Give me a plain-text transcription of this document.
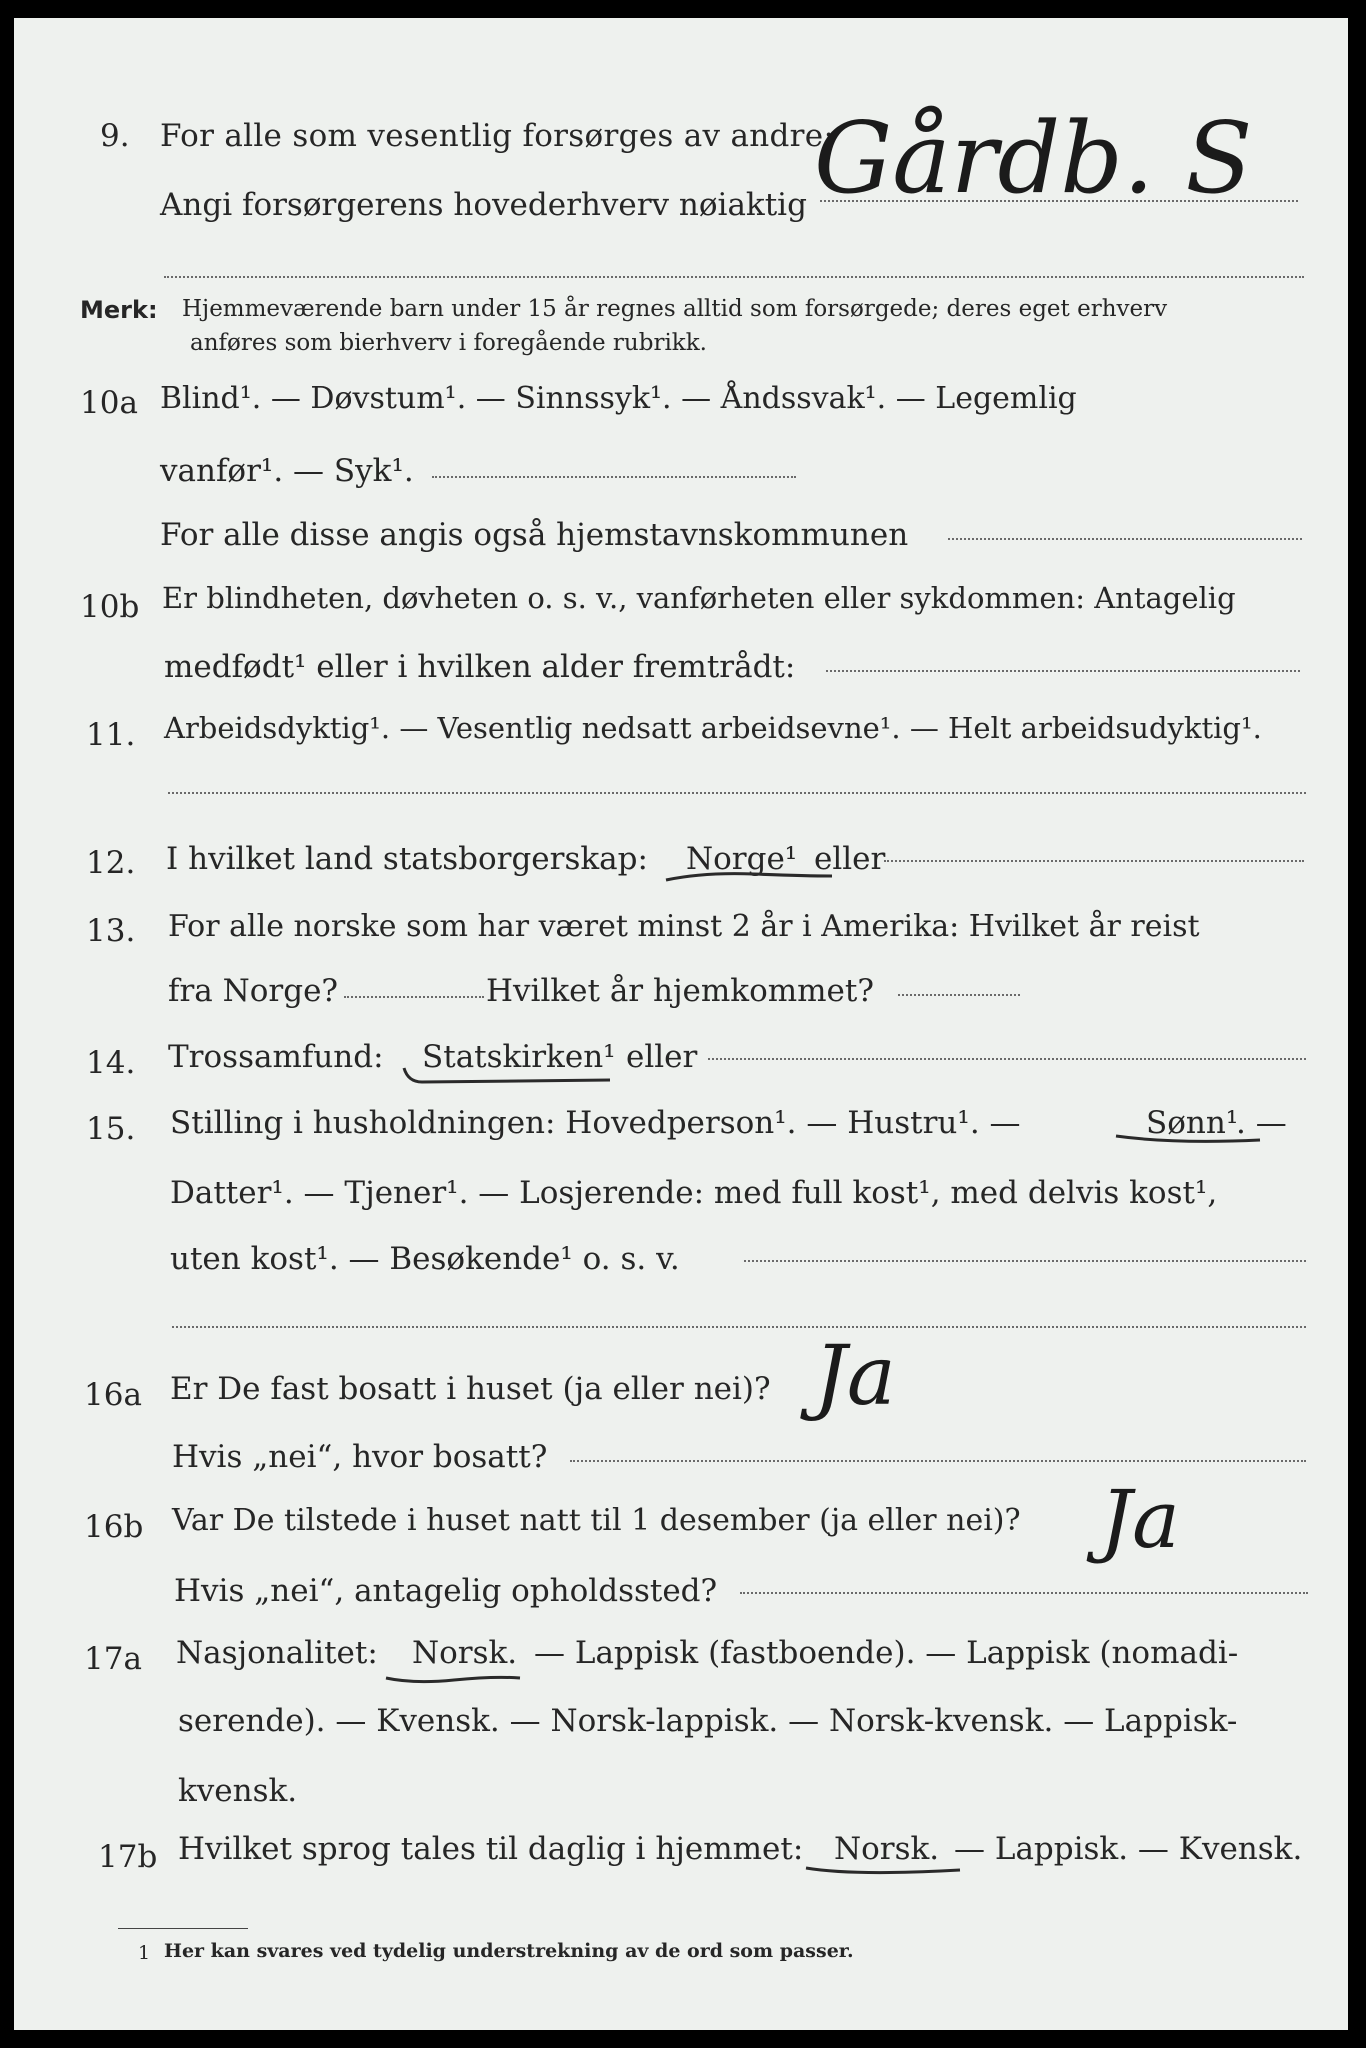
9. For alle som vesentlig forsørges av andre:
Angi forsørgerens hovederhverv nøiaktig Gårdb. S
Merk: Hjemmeværende barn under 15 år regnes alltid som forsørgede; deres eget erhverv
anføres som bierhverv i foregående rubrikk.
10a Blind¹. — Døvstum¹. — Sinnssyk¹. — Åndssvak¹. — Legemlig
vanfør¹. — Syk¹.
For alle disse angis også hjemstavnskommunen
10b Er blindheten, døvheten o. s. v., vanførheten eller sykdommen: Antagelig
medfødt¹ eller i hvilken alder fremtrådt:
11. Arbeidsdyktig¹. — Vesentlig nedsatt arbeidsevne¹. — Helt arbeidsudyktig¹.
12. I hvilket land statsborgerskap: Norge¹ eller
13. For alle norske som har været minst 2 år i Amerika: Hvilket år reist
fra Norge?	Hvilket år hjemkommet?
14. Trossamfund: Statskirken¹ eller
15. Stilling i husholdningen: Hovedperson¹. — Hustru¹. —	Sønn¹
. —
Datter¹. — Tjener¹. — Losjerende: med full kost¹, med delvis kost¹,
uten kost¹. — Besøkende¹ o. s. v.
16a Er De fast bosatt i huset (ja eller nei)? Ja
Hvis „nei“, hvor bosatt?
16b Var De tilstede i huset natt til 1 desember (ja eller nei)? Ja
Hvis „nei“, antagelig opholdssted?
17a Nasjonalitet: Norsk. — Lappisk (fastboende). — Lappisk (nomadi-
serende). — Kvensk. — Norsk-lappisk. — Norsk-kvensk. — Lappisk-
kvensk.
17b Hvilket sprog tales til daglig i hjemmet: Norsk. — Lappisk. — Kvensk.
1 Her kan svares ved tydelig understrekning av de ord som passer.
